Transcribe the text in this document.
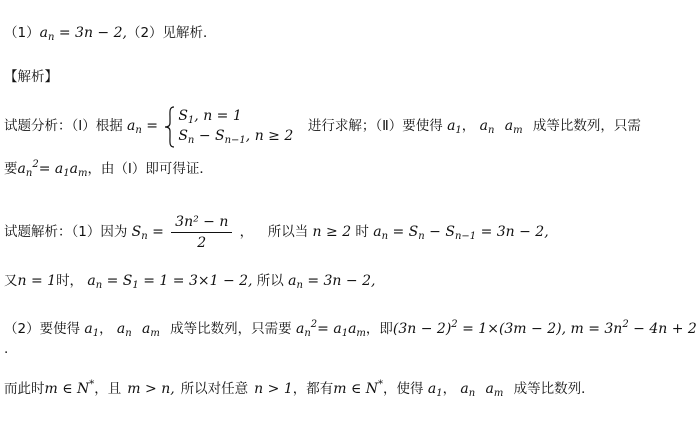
$(1)a_n = 3n - 2,(2)$见解析．
【解析】
试题分析：（Ⅰ）根据 $a_n$ =
$S_1$, n = 1
$S_n - S_{n-1}$, n ≥ 2
进行求解；（Ⅱ）要使得 $a_1$， $a_n$ $a_m$ 成等比数列，只需
要$a_n^2= a_1a_m$，由（Ⅰ）即可得证．
试题解析：（1）因为 $S_n = \frac{\text{3n² − n}}{2}$ ， 所以当 n ≥ 2 时 $a_n = S_n - S_{n-1} = 3n - 2$,
又n = 1时， $a_n = S_1 = 1 = 3\times 1 - 2$, 所以 $a_n = 3n - 2$,
（2）要使得 $a_1$， $a_n$ $a_m$ 成等比数列，只需要 $a_n^2= a_1a_m$，即$(3n - 2)^2 = 1\times(3m - 2)$, $m = 3n^2 - 4n + 2$
.
而此时m ∈ N*，且 m > n, 所以对任意 n > 1，都有m ∈ N*，使得 $a_1$， $a_n$ $a_m$ 成等比数列．
